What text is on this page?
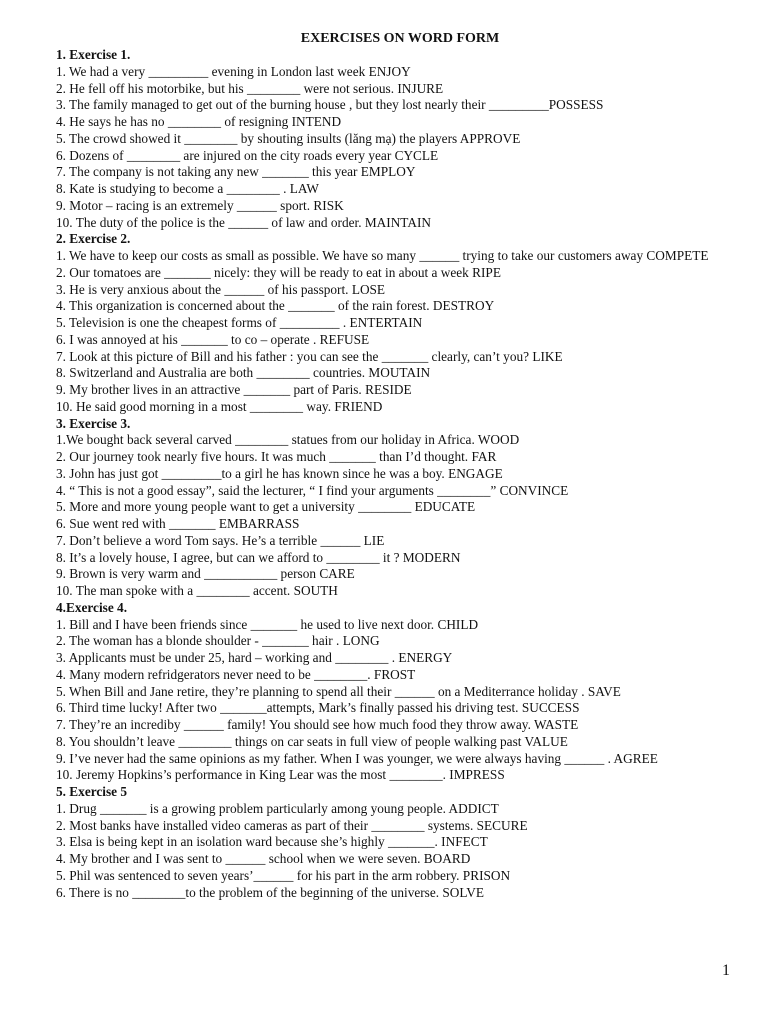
EXERCISES ON WORD FORM
1. Exercise 1.
1. We had a very _________ evening in London last week ENJOY
2. He fell off his motorbike, but his ________ were not serious. INJURE
3. The family managed to get out of the burning house , but they lost nearly their _________POSSESS
4. He says he has no ________ of resigning INTEND
5. The crowd showed it ________ by shouting insults (lăng mạ) the players APPROVE
6. Dozens of ________ are injured on the city roads every year CYCLE
7. The company is not taking any new _______ this year EMPLOY
8. Kate is studying to become a ________ . LAW
9. Motor – racing is an extremely ______ sport. RISK
10. The duty of the police is the ______ of law and order. MAINTAIN
2. Exercise 2.
1. We have to keep our costs as small as possible. We have so many ______ trying to take our customers away COMPETE
2. Our tomatoes are _______ nicely: they will be ready to eat in about a week RIPE
3. He is very anxious about the ______ of his passport. LOSE
4. This organization is concerned about the _______ of the rain forest. DESTROY
5. Television is one the cheapest forms of _________ . ENTERTAIN
6. I was annoyed at his _______ to co – operate . REFUSE
7. Look at this picture of Bill and his father : you can see the _______ clearly, can’t you? LIKE
8. Switzerland and Australia are both ________ countries. MOUTAIN
9. My brother lives in an attractive _______ part of Paris. RESIDE
10. He said good morning in a most ________ way. FRIEND
3. Exercise 3.
1.We bought back several carved ________ statues from our holiday in Africa. WOOD
2. Our journey took nearly five hours. It was much _______ than I’d thought. FAR
3. John has just got _________to a girl he has known since he was a boy. ENGAGE
4. “ This is not a good essay”, said the lecturer, “ I find your arguments ________” CONVINCE
5. More and more young people want to get a university ________ EDUCATE
6. Sue went red with _______ EMBARRASS
7. Don’t believe a word Tom says. He’s a terrible ______ LIE
8. It’s a lovely house, I agree, but can we afford to ________ it ? MODERN
9. Brown is very warm and ___________ person CARE
10. The man spoke with a ________ accent. SOUTH
4.Exercise 4.
1. Bill and I have been friends since _______ he used to live next door. CHILD
2. The woman has a blonde shoulder - _______ hair . LONG
3. Applicants must be under 25, hard – working and ________ . ENERGY
4. Many modern refridgerators never need to be ________. FROST
5. When Bill and Jane retire, they’re planning to spend all their ______ on a Mediterrance holiday . SAVE
6. Third time lucky! After two _______attempts, Mark’s finally passed his driving test. SUCCESS
7. They’re an incrediby ______ family! You should see how much food they throw away. WASTE
8. You shouldn’t leave ________ things on car seats in full view of people walking past VALUE
9. I’ve never had the same opinions as my father. When I was younger, we were always having ______ . AGREE
10. Jeremy Hopkins’s performance in King Lear was the most ________. IMPRESS
5. Exercise 5
1. Drug _______ is a growing problem particularly among young people. ADDICT
2. Most banks have installed video cameras as part of their ________ systems. SECURE
3. Elsa is being kept in an isolation ward because she’s highly _______. INFECT
4. My brother and I was sent to ______ school when we were seven. BOARD
5. Phil was sentenced to seven years’______ for his part in the arm robbery. PRISON
6. There is no ________to the problem of the beginning of the universe. SOLVE
1
